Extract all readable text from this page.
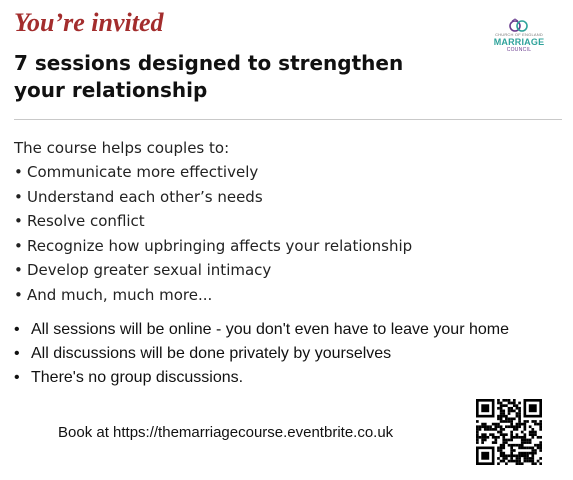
You’re invited
7 sessions designed to strengthen
your relationship
CHURCH OF ENGLAND
MARRIAGE
COUNCIL

The course helps couples to:

• Communicate more effectively
• Understand each other’s needs
• Resolve conflict
• Recognize how upbringing affects your relationship
• Develop greater sexual intimacy
• And much, much more...
• All sessions will be online - you don't even have to leave your home
• All discussions will be done privately by yourselves
• There's no group discussions.

Book at https://themarriagecourse.eventbrite.co.uk
